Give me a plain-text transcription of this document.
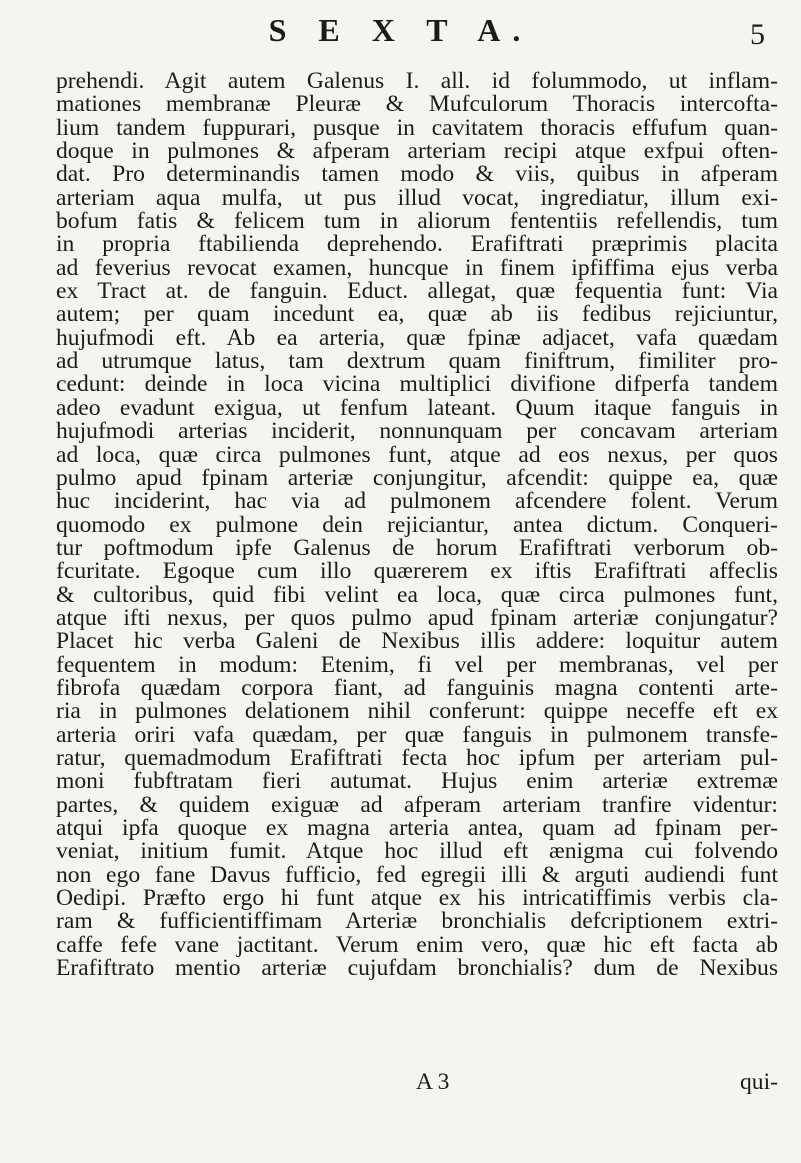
S E X T A.	5
prehendi. Agit autem Galenus I. all. id folummodo, ut inflam-
mationes membranæ Pleuræ & Mufculorum Thoracis intercofta-
lium tandem fuppurari, pusque in cavitatem thoracis effufum quan-
doque in pulmones & afperam arteriam recipi atque exfpui often-
dat. Pro determinandis tamen modo & viis, quibus in afperam
arteriam aqua mulfa, ut pus illud vocat, ingrediatur, illum exi-
bofum fatis & felicem tum in aliorum fententiis refellendis, tum
in propria ftabilienda deprehendo. Erafiftrati præprimis placita
ad feverius revocat examen, huncque in finem ipfiffima ejus verba
ex Tract at. de fanguin. Educt. allegat, quæ fequentia funt: Via
autem; per quam incedunt ea, quæ ab iis fedibus rejiciuntur,
hujufmodi eft. Ab ea arteria, quæ fpinæ adjacet, vafa quædam
ad utrumque latus, tam dextrum quam finiftrum, fimiliter pro-
cedunt: deinde in loca vicina multiplici divifione difperfa tandem
adeo evadunt exigua, ut fenfum lateant. Quum itaque fanguis in
hujufmodi arterias inciderit, nonnunquam per concavam arteriam
ad loca, quæ circa pulmones funt, atque ad eos nexus, per quos
pulmo apud fpinam arteriæ conjungitur, afcendit: quippe ea, quæ
huc inciderint, hac via ad pulmonem afcendere folent. Verum
quomodo ex pulmone dein rejiciantur, antea dictum. Conqueri-
tur poftmodum ipfe Galenus de horum Erafiftrati verborum ob-
fcuritate. Egoque cum illo quærerem ex iftis Erafiftrati affeclis
& cultoribus, quid fibi velint ea loca, quæ circa pulmones funt,
atque ifti nexus, per quos pulmo apud fpinam arteriæ conjungatur?
Placet hic verba Galeni de Nexibus illis addere: loquitur autem
fequentem in modum: Etenim, fi vel per membranas, vel per
fibrofa quædam corpora fiant, ad fanguinis magna contenti arte-
ria in pulmones delationem nihil conferunt: quippe neceffe eft ex
arteria oriri vafa quædam, per quæ fanguis in pulmonem transfe-
ratur, quemadmodum Erafiftrati fecta hoc ipfum per arteriam pul-
moni fubftratam fieri autumat. Hujus enim arteriæ extremæ
partes, & quidem exiguæ ad afperam arteriam tranfire videntur:
atqui ipfa quoque ex magna arteria antea, quam ad fpinam per-
veniat, initium fumit. Atque hoc illud eft ænigma cui folvendo
non ego fane Davus fufficio, fed egregii illi & arguti audiendi funt
Oedipi. Præfto ergo hi funt atque ex his intricatiffimis verbis cla-
ram & fufficientiffimam Arteriæ bronchialis defcriptionem extri-
caffe fefe vane jactitant. Verum enim vero, quæ hic eft facta ab
Erafiftrato mentio arteriæ cujufdam bronchialis? dum de Nexibus
A 3	qui-
